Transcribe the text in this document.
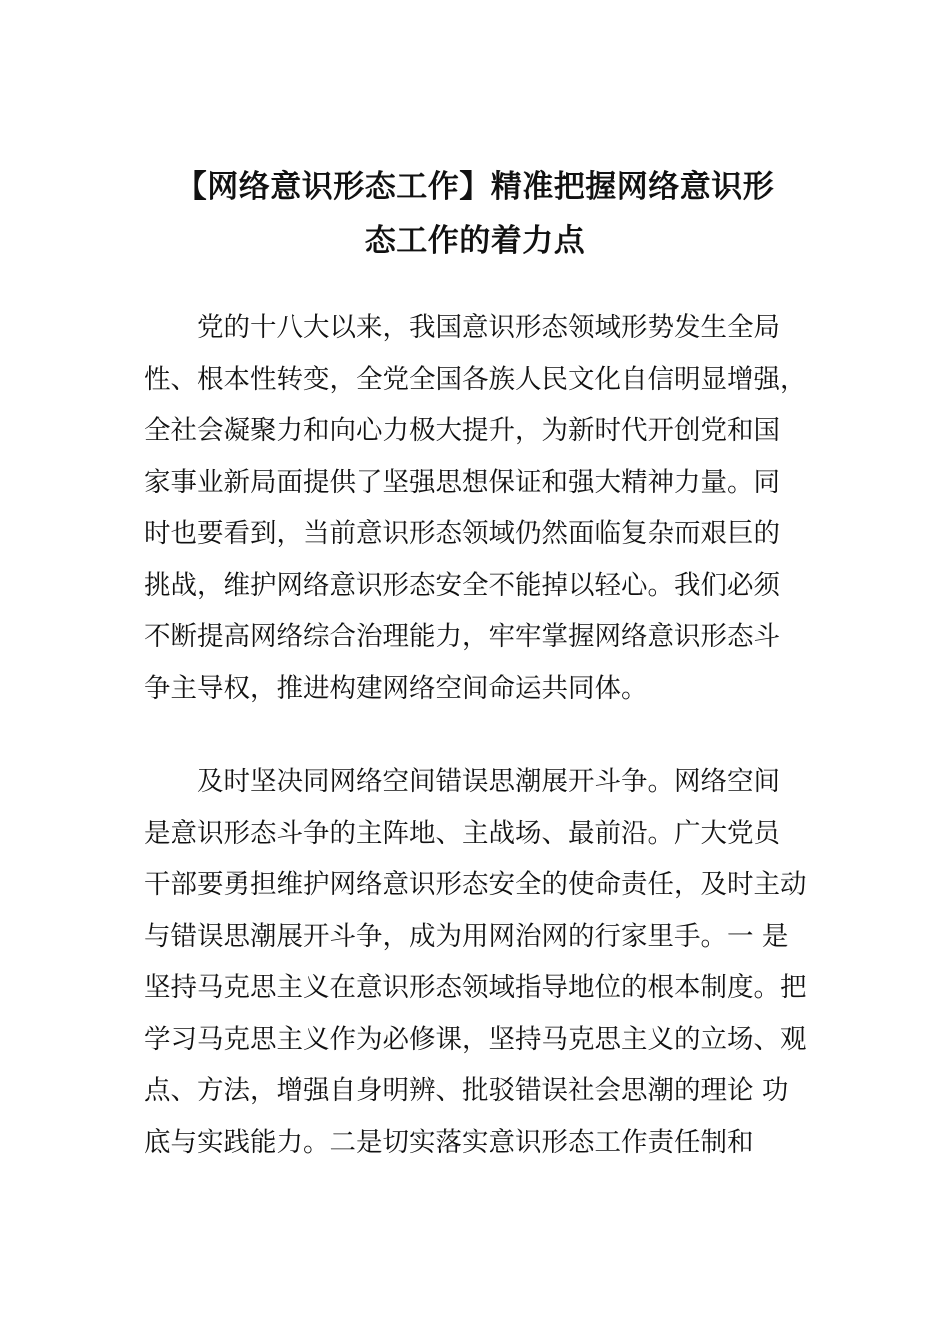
【网络意识形态工作】精准把握网络意识形
态工作的着力点

党的十八大以来，我国意识形态领域形势发生全局
性、根本性转变，全党全国各族人民文化自信明显增强，
全社会凝聚力和向心力极大提升，为新时代开创党和国
家事业新局面提供了坚强思想保证和强大精神力量。同
时也要看到，当前意识形态领域仍然面临复杂而艰巨的
挑战，维护网络意识形态安全不能掉以轻心。我们必须
不断提高网络综合治理能力，牢牢掌握网络意识形态斗
争主导权，推进构建网络空间命运共同体。

及时坚决同网络空间错误思潮展开斗争。网络空间
是意识形态斗争的主阵地、主战场、最前沿。广大党员
干部要勇担维护网络意识形态安全的使命责任，及时主动
与错误思潮展开斗争，成为用网治网的行家里手。一 是
坚持马克思主义在意识形态领域指导地位的根本制度。把
学习马克思主义作为必修课，坚持马克思主义的立场、观
点、方法，增强自身明辨、批驳错误社会思潮的理论 功
底与实践能力。二是切实落实意识形态工作责任制和
